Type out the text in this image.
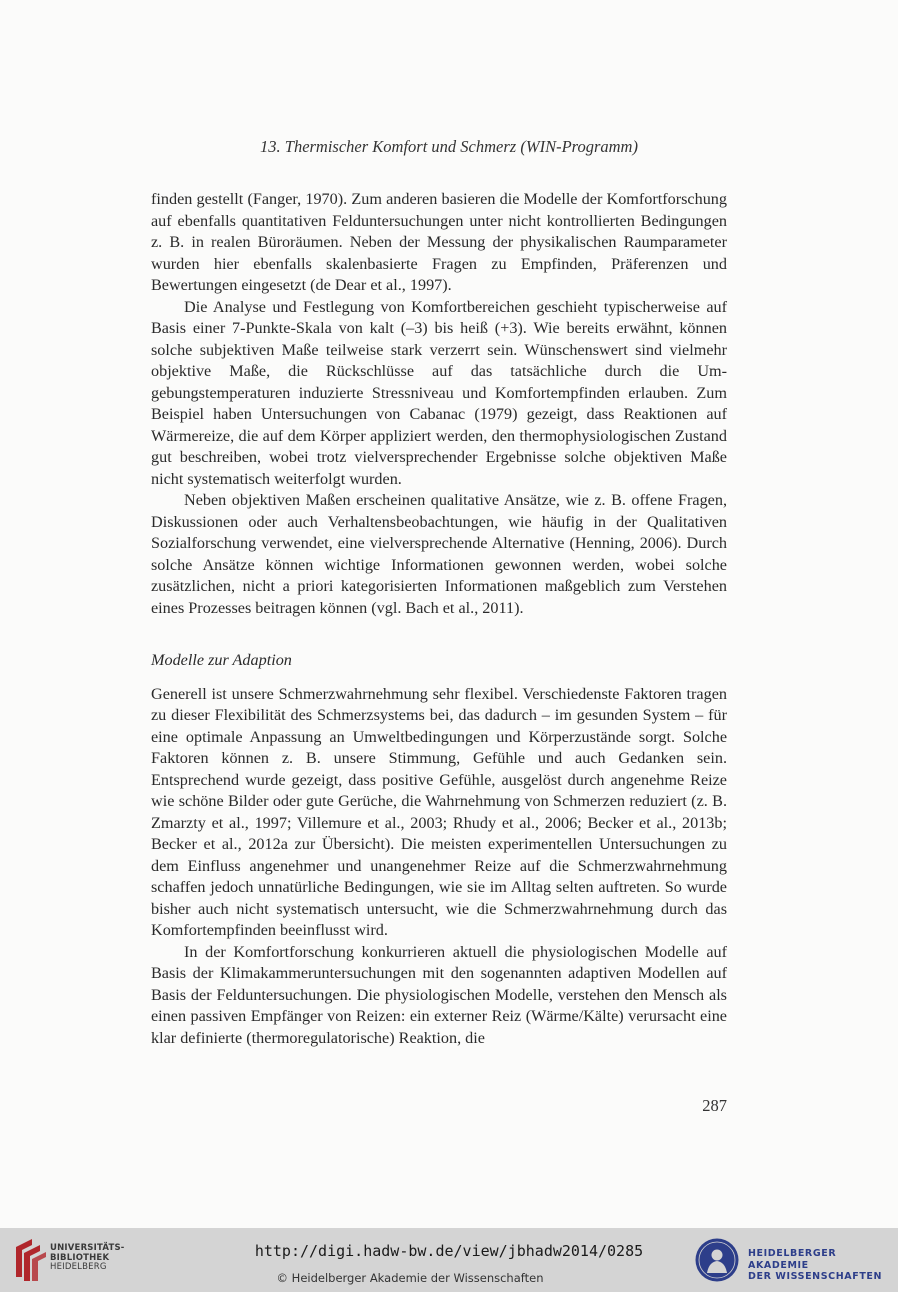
13. Thermischer Komfort und Schmerz (WIN-Programm)

finden gestellt (Fanger, 1970). Zum anderen basieren die Modelle der Komfortforschung auf ebenfalls quantitativen Felduntersuchungen unter nicht kontrollierten Bedingungen z. B. in realen Büroräumen. Neben der Messung der physikalischen Raumparameter wurden hier ebenfalls skalenbasierte Fragen zu Empfinden, Präferenzen und Bewertungen eingesetzt (de Dear et al., 1997).

Die Analyse und Festlegung von Komfortbereichen geschieht typischerweise auf Basis einer 7-Punkte-Skala von kalt (–3) bis heiß (+3). Wie bereits erwähnt, können solche subjektiven Maße teilweise stark verzerrt sein. Wünschenswert sind vielmehr objektive Maße, die Rückschlüsse auf das tatsächliche durch die Umgebungstemperaturen induzierte Stressniveau und Komfortempfinden erlauben. Zum Beispiel haben Untersuchungen von Cabanac (1979) gezeigt, dass Reaktionen auf Wärmereize, die auf dem Körper appliziert werden, den thermophysiologischen Zustand gut beschreiben, wobei trotz vielversprechender Ergebnisse solche objektiven Maße nicht systematisch weiterfolgt wurden.

Neben objektiven Maßen erscheinen qualitative Ansätze, wie z. B. offene Fragen, Diskussionen oder auch Verhaltensbeobachtungen, wie häufig in der Qualitativen Sozialforschung verwendet, eine vielversprechende Alternative (Henning, 2006). Durch solche Ansätze können wichtige Informationen gewonnen werden, wobei solche zusätzlichen, nicht a priori kategorisierten Informationen maßgeblich zum Verstehen eines Prozesses beitragen können (vgl. Bach et al., 2011).

Modelle zur Adaption

Generell ist unsere Schmerzwahrnehmung sehr flexibel. Verschiedenste Faktoren tragen zu dieser Flexibilität des Schmerzsystems bei, das dadurch – im gesunden System – für eine optimale Anpassung an Umweltbedingungen und Körperzustände sorgt. Solche Faktoren können z. B. unsere Stimmung, Gefühle und auch Gedanken sein. Entsprechend wurde gezeigt, dass positive Gefühle, ausgelöst durch angenehme Reize wie schöne Bilder oder gute Gerüche, die Wahrnehmung von Schmerzen reduziert (z. B. Zmarzty et al., 1997; Villemure et al., 2003; Rhudy et al., 2006; Becker et al., 2013b; Becker et al., 2012a zur Übersicht). Die meisten experimentellen Untersuchungen zu dem Einfluss angenehmer und unangenehmer Reize auf die Schmerzwahrnehmung schaffen jedoch unnatürliche Bedingungen, wie sie im Alltag selten auftreten. So wurde bisher auch nicht systematisch untersucht, wie die Schmerzwahrnehmung durch das Komfortempfinden beeinflusst wird.

In der Komfortforschung konkurrieren aktuell die physiologischen Modelle auf Basis der Klimakammeruntersuchungen mit den sogenannten adaptiven Modellen auf Basis der Felduntersuchungen. Die physiologischen Modelle, verstehen den Mensch als einen passiven Empfänger von Reizen: ein externer Reiz (Wärme/Kälte) verursacht eine klar definierte (thermoregulatorische) Reaktion, die

287
UNIVERSITÄTS-
BIBLIOTHEK
HEIDELBERG
http://digi.hadw-bw.de/view/jbhadw2014/0285
© Heidelberger Akademie der Wissenschaften
HEIDELBERGER AKADEMIE
DER WISSENSCHAFTEN
